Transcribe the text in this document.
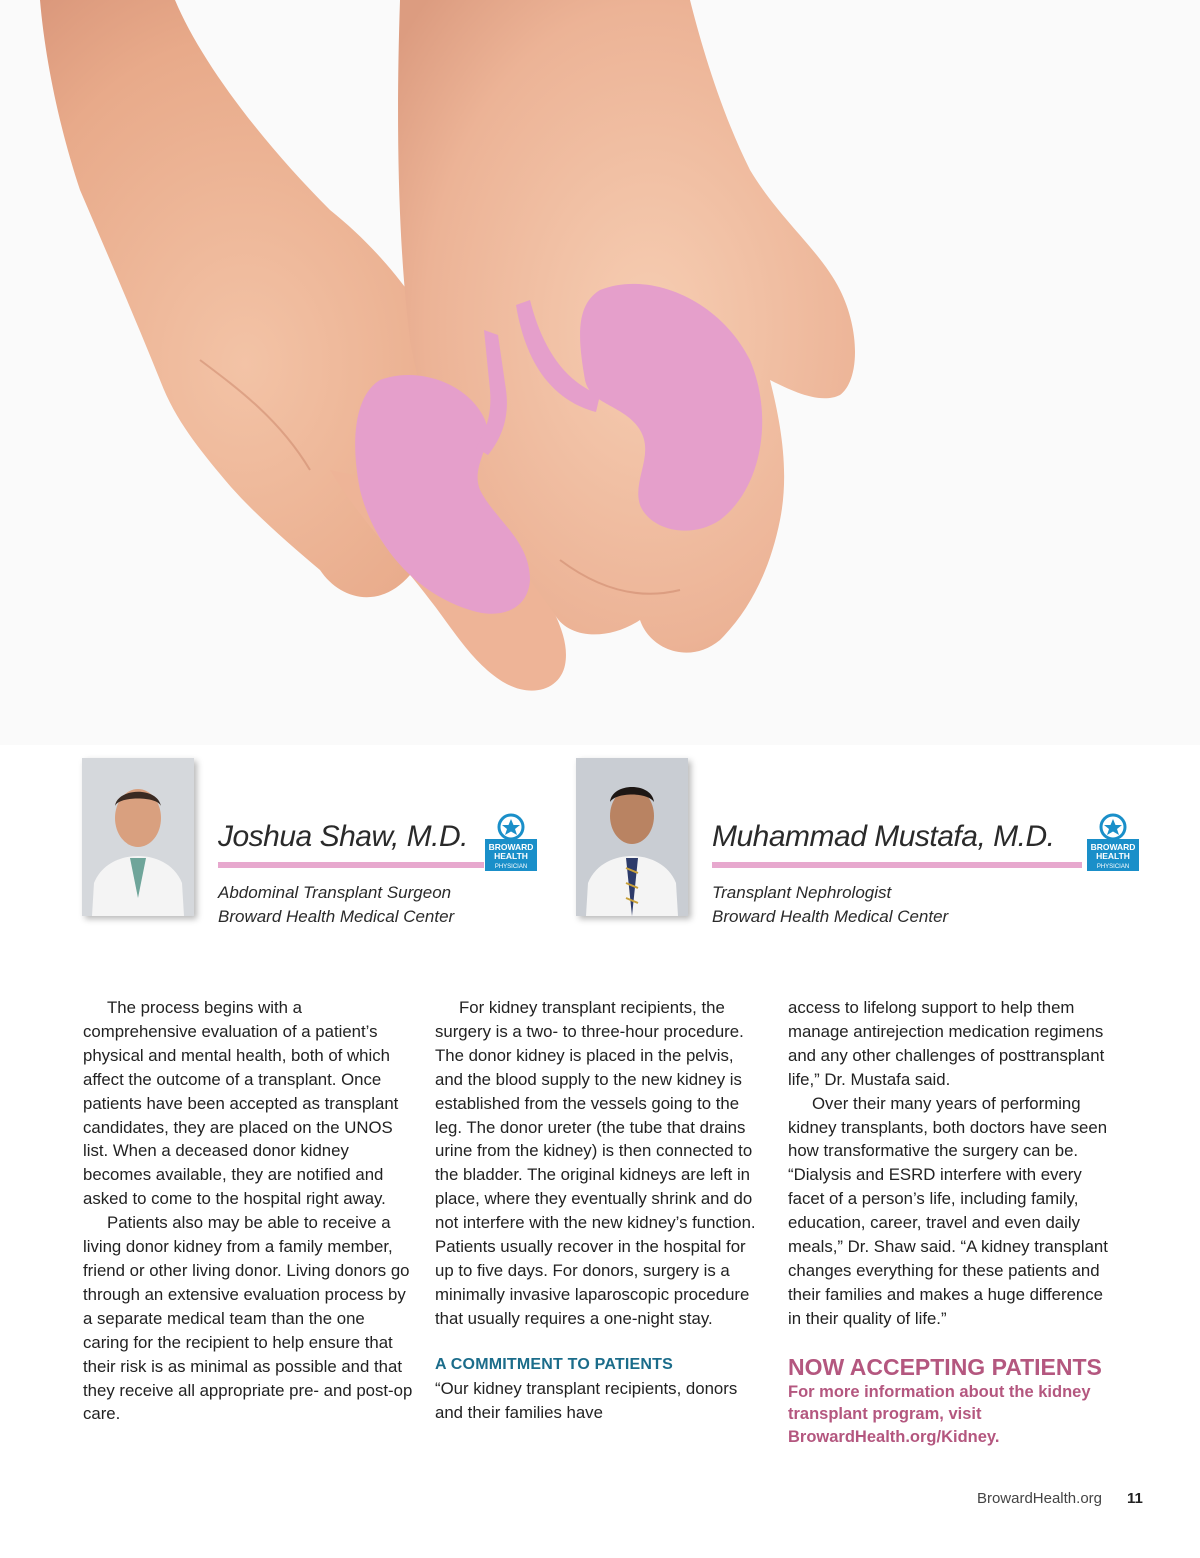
Joshua Shaw, M.D. BROWARD
HEALTH
PHYSICIAN
Abdominal Transplant Surgeon
Broward Health Medical Center
Muhammad Mustafa, M.D.	BROWARD
HEALTH
PHYSICIAN
Transplant Nephrologist
Broward Health Medical Center

The process begins with a comprehensive evaluation of a patient’s physical and mental health, both of which affect the outcome of a transplant. Once patients have been accepted as transplant candidates, they are placed on the UNOS list. When a deceased donor kidney becomes available, they are notified and asked to come to the hospital right away.

Patients also may be able to receive a living donor kidney from a family member, friend or other living donor. Living donors go through an extensive evaluation process by a separate medical team than the one caring for the recipient to help ensure that their risk is as minimal as possible and that they receive all appropriate pre- and post-op care.

For kidney transplant recipients, the surgery is a two- to three-hour procedure. The donor kidney is placed in the pelvis, and the blood supply to the new kidney is established from the vessels going to the leg. The donor ureter (the tube that drains urine from the kidney) is then connected to the bladder. The original kidneys are left in place, where they eventually shrink and do not interfere with the new kidney’s function. Patients usually recover in the hospital for up to five days. For donors, surgery is a minimally invasive laparoscopic procedure that usually requires a one-night stay.

A COMMITMENT TO PATIENTS

“Our kidney transplant recipients, donors and their families have

access to lifelong support to help them manage antirejection medication regimens and any other challenges of posttransplant life,” Dr. Mustafa said.

Over their many years of performing kidney transplants, both doctors have seen how transformative the surgery can be. “Dialysis and ESRD interfere with every facet of a person’s life, including family, education, career, travel and even daily meals,” Dr. Shaw said. “A kidney transplant changes everything for these patients and their families and makes a huge difference in their quality of life.”

NOW ACCEPTING PATIENTS

For more information about the kidney transplant program, visit BrowardHealth.org/Kidney.

BrowardHealth.org 11
